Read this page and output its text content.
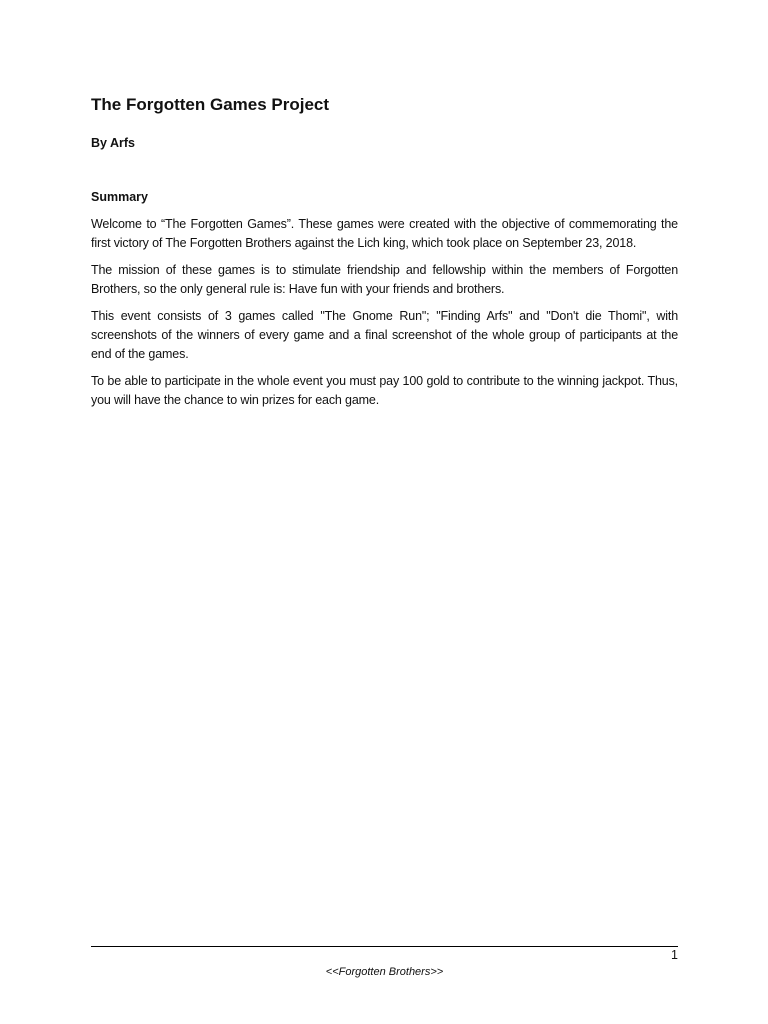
The Forgotten Games Project
By Arfs
Summary

Welcome to “The Forgotten Games”. These games were created with the objective of commemorating the first victory of The Forgotten Brothers against the Lich king, which took place on September 23, 2018.

The mission of these games is to stimulate friendship and fellowship within the members of Forgotten Brothers, so the only general rule is: Have fun with your friends and brothers.

This event consists of 3 games called "The Gnome Run"; "Finding Arfs" and "Don't die Thomi", with screenshots of the winners of every game and a final screenshot of the whole group of participants at the end of the games.

To be able to participate in the whole event you must pay 100 gold to contribute to the winning jackpot. Thus, you will have the chance to win prizes for each game.

1
<<Forgotten Brothers>>
